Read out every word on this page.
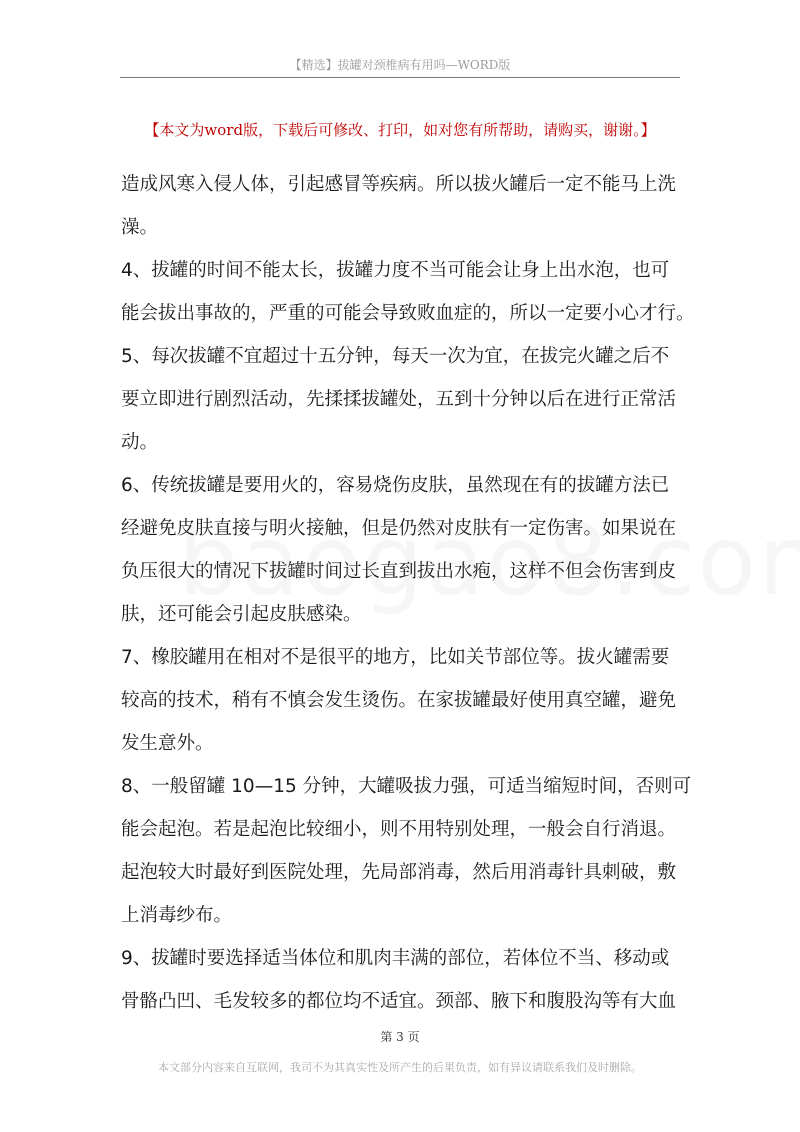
【精选】拔罐对颈椎病有用吗—WORD版
【本文为word版，下载后可修改、打印，如对您有所帮助，请购买，谢谢。】
造成风寒入侵人体，引起感冒等疾病。所以拔火罐后一定不能马上洗
澡。
4、拔罐的时间不能太长，拔罐力度不当可能会让身上出水泡，也可
能会拔出事故的，严重的可能会导致败血症的，所以一定要小心才行。
5、每次拔罐不宜超过十五分钟，每天一次为宜，在拔完火罐之后不
要立即进行剧烈活动，先揉揉拔罐处，五到十分钟以后在进行正常活
动。
6、传统拔罐是要用火的，容易烧伤皮肤，虽然现在有的拔罐方法已
经避免皮肤直接与明火接触，但是仍然对皮肤有一定伤害。如果说在
负压很大的情况下拔罐时间过长直到拔出水疱，这样不但会伤害到皮
肤，还可能会引起皮肤感染。
7、橡胶罐用在相对不是很平的地方，比如关节部位等。拔火罐需要
较高的技术，稍有不慎会发生烫伤。在家拔罐最好使用真空罐，避免
发生意外。
8、一般留罐 10—15 分钟，大罐吸拔力强，可适当缩短时间，否则可
能会起泡。若是起泡比较细小，则不用特别处理，一般会自行消退。
起泡较大时最好到医院处理，先局部消毒，然后用消毒针具刺破，敷
上消毒纱布。
9、拔罐时要选择适当体位和肌肉丰满的部位，若体位不当、移动或
骨骼凸凹、毛发较多的都位均不适宜。颈部、腋下和腹股沟等有大血
第 3 页
本文部分内容来自互联网，我司不为其真实性及所产生的后果负责，如有异议请联系我们及时删除。
